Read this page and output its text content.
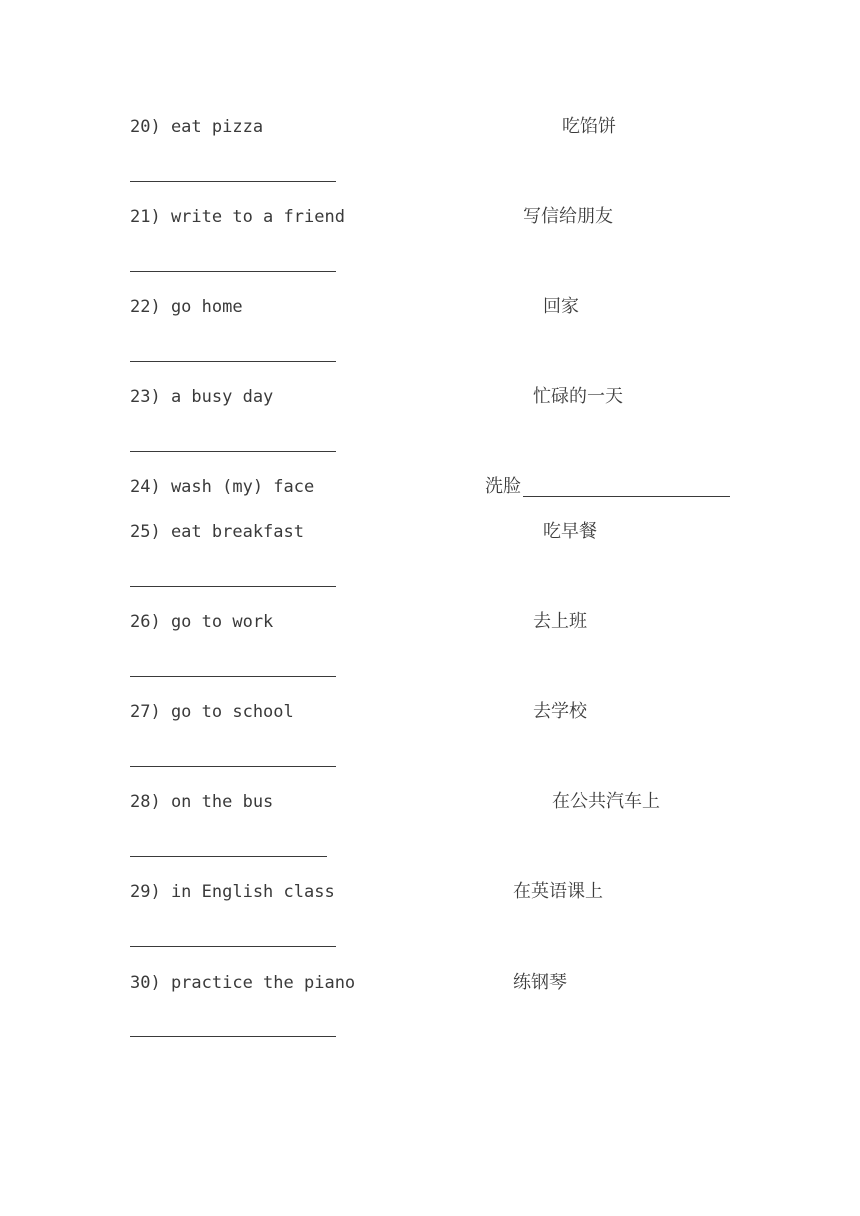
20) eat pizza	吃馅饼
21) write to a friend	写信给朋友
22) go home	回家
23) a busy day	忙碌的一天
24) wash (my) face	洗脸
25) eat breakfast	吃早餐
26) go to work	去上班
27) go to school	去学校
28) on the bus	在公共汽车上
29) in English class	在英语课上
30) practice the piano	练钢琴
